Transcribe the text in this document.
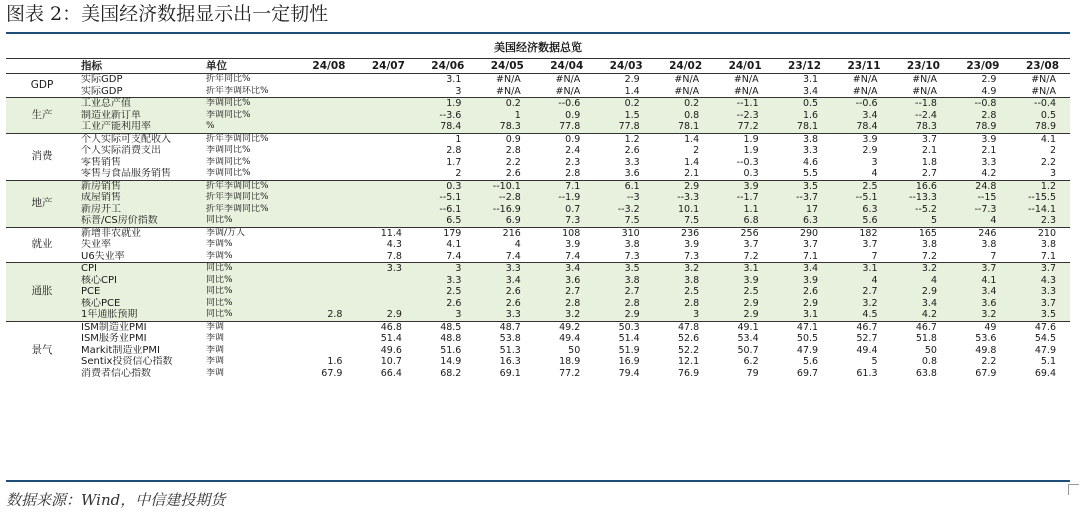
图表 2：美国经济数据显示出一定韧性
美国经济数据总览
	指标	单位	24/08	24/07	24/06	24/05	24/04	24/03	24/02	24/01	23/12	23/11	23/10	23/09	23/08
GDP	实际GDP	折年同比%			3.1	#N/A	#N/A	2.9	#N/A	#N/A	3.1	#N/A	#N/A	2.9	#N/A
	实际GDP	折年季调环比%			3	#N/A	#N/A	1.4	#N/A	#N/A	3.4	#N/A	#N/A	4.9	#N/A
生产	工业总产值	季调同比%			1.9	0.2	--0.6	0.2	0.2	--1.1	0.5	--0.6	--1.8	--0.8	--0.4
	制造业新订单	季调同比%			--3.6	1	0.9	1.5	0.8	--2.3	1.6	3.4	--2.4	2.8	0.5
	工业产能利用率	%			78.4	78.3	77.8	77.8	78.1	77.2	78.1	78.4	78.3	78.9	78.9
消费	个人实际可支配收入	折年季调同比%			1	0.9	0.9	1.2	1.4	1.9	3.8	3.9	3.7	3.9	4.1
	个人实际消费支出	季调同比%			2.8	2.8	2.4	2.6	2	1.9	3.3	2.9	2.1	2.1	2
	零售销售	季调同比%			1.7	2.2	2.3	3.3	1.4	--0.3	4.6	3	1.8	3.3	2.2
	零售与食品服务销售	季调同比%			2	2.6	2.8	3.6	2.1	0.3	5.5	4	2.7	4.2	3
地产	新房销售	折年季调同比%			0.3	--10.1	7.1	6.1	2.9	3.9	3.5	2.5	16.6	24.8	1.2
	成屋销售	折年季调同比%			--5.1	--2.8	--1.9	--3	--3.3	--1.7	--3.7	--5.1	--13.3	--15	--15.5
	新房开工	折年季调同比%			--6.1	--16.9	0.7	--3.2	10.1	1.1	17	6.3	--5.2	--7.3	--14.1
	标普/CS房价指数	同比%			6.5	6.9	7.3	7.5	7.5	6.8	6.3	5.6	5	4	2.3
就业	新增非农就业	季调/万人		11.4	179	216	108	310	236	256	290	182	165	246	210
	失业率	季调%		4.3	4.1	4	3.9	3.8	3.9	3.7	3.7	3.7	3.8	3.8	3.8
	U6失业率	季调%		7.8	7.4	7.4	7.4	7.3	7.3	7.2	7.1	7	7.2	7	7.1
通胀	CPI	同比%		3.3	3	3.3	3.4	3.5	3.2	3.1	3.4	3.1	3.2	3.7	3.7
	核心CPI	同比%			3.3	3.4	3.6	3.8	3.8	3.9	3.9	4	4	4.1	4.3
	PCE	同比%			2.5	2.6	2.7	2.7	2.5	2.5	2.6	2.7	2.9	3.4	3.3
	核心PCE	同比%			2.6	2.6	2.8	2.8	2.8	2.9	2.9	3.2	3.4	3.6	3.7
	1年通胀预期	同比%	2.8	2.9	3	3.3	3.2	2.9	3	2.9	3.1	4.5	4.2	3.2	3.5
景气	ISM制造业PMI	季调		46.8	48.5	48.7	49.2	50.3	47.8	49.1	47.1	46.7	46.7	49	47.6
	ISM服务业PMI	季调		51.4	48.8	53.8	49.4	51.4	52.6	53.4	50.5	52.7	51.8	53.6	54.5
	Markit制造业PMI	季调		49.6	51.6	51.3	50	51.9	52.2	50.7	47.9	49.4	50	49.8	47.9
	Sentix投资信心指数	季调	1.6	10.7	14.9	16.3	18.9	16.9	12.1	6.2	5.6	5	0.8	2.2	5.1
	消费者信心指数	季调	67.9	66.4	68.2	69.1	77.2	79.4	76.9	79	69.7	61.3	63.8	67.9	69.4
数据来源：Wind，中信建投期货
